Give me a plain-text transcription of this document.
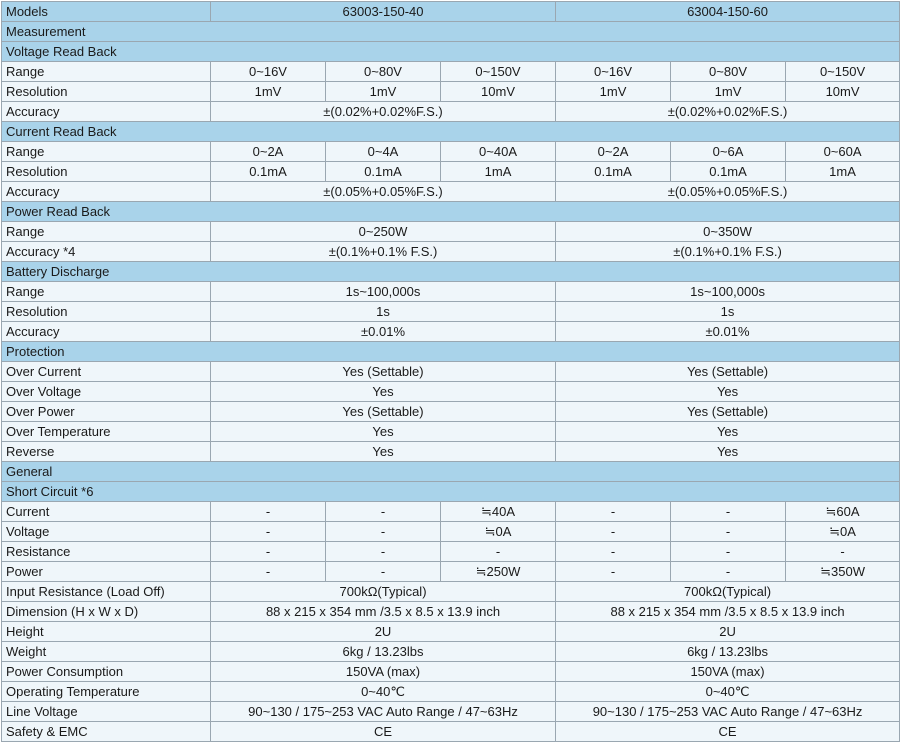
Models	63003-150-40			63004-150-60		
Measurement						
Voltage Read Back						
Range	0~16V	0~80V	0~150V	0~16V	0~80V	0~150V
Resolution	1mV	1mV	10mV	1mV	1mV	10mV
Accuracy	±(0.02%+0.02%F.S.)			±(0.02%+0.02%F.S.)		
Current Read Back						
Range	0~2A	0~4A	0~40A	0~2A	0~6A	0~60A
Resolution	0.1mA	0.1mA	1mA	0.1mA	0.1mA	1mA
Accuracy	±(0.05%+0.05%F.S.)			±(0.05%+0.05%F.S.)		
Power Read Back						
Range	0~250W			0~350W		
Accuracy *4	±(0.1%+0.1% F.S.)			±(0.1%+0.1% F.S.)		
Battery Discharge						
Range	1s~100,000s			1s~100,000s		
Resolution	1s			1s		
Accuracy	±0.01%			±0.01%		
Protection						
Over Current	Yes (Settable)			Yes (Settable)		
Over Voltage	Yes			Yes		
Over Power	Yes (Settable)			Yes (Settable)		
Over Temperature	Yes			Yes		
Reverse	Yes			Yes		
General						
Short Circuit *6						
Current	-	-	≒40A	-	-	≒60A
Voltage	-	-	≒0A	-	-	≒0A
Resistance	-	-	-	-	-	-
Power	-	-	≒250W	-	-	≒350W
Input Resistance (Load Off)	700kΩ(Typical)			700kΩ(Typical)		
Dimension (H x W x D)	88 x 215 x 354 mm /3.5 x 8.5 x 13.9 inch			88 x 215 x 354 mm /3.5 x 8.5 x 13.9 inch		
Height	2U			2U		
Weight	6kg / 13.23lbs			6kg / 13.23lbs		
Power Consumption	150VA (max)			150VA (max)		
Operating Temperature	0~40℃			0~40℃		
Line Voltage	90~130 / 175~253 VAC Auto Range / 47~63Hz			90~130 / 175~253 VAC Auto Range / 47~63Hz		
Safety & EMC	CE			CE		
